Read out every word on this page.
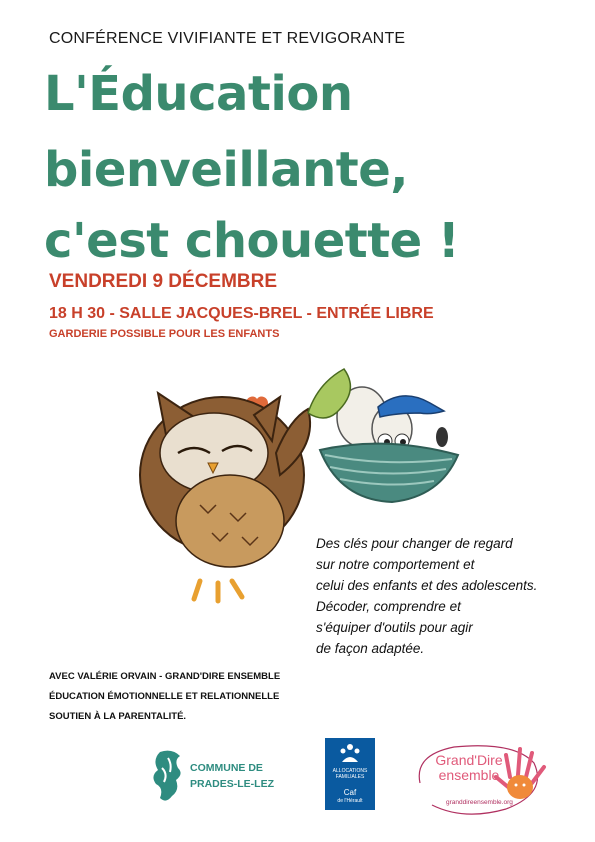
CONFÉRENCE VIVIFIANTE ET REVIGORANTE
L'Éducation
bienveillante,
c'est chouette !
VENDREDI 9 DÉCEMBRE
18 H 30 - SALLE JACQUES-BREL - ENTRÉE LIBRE
GARDERIE POSSIBLE POUR LES ENFANTS
Des clés pour changer de regard
sur notre comportement et
celui des enfants et des adolescents.
Décoder, comprendre et
s'équiper d'outils pour agir
de façon adaptée.
AVEC VALÉRIE ORVAIN - GRAND'DIRE ENSEMBLE
ÉDUCATION ÉMOTIONNELLE ET RELATIONNELLE
SOUTIEN À LA PARENTALITÉ.
COMMUNE DE
PRADES-LE-LEZ
ALLOCATIONS
FAMILIALES
Caf
de l'Hérault
Grand'Dire
ensemble
granddireensemble.org
